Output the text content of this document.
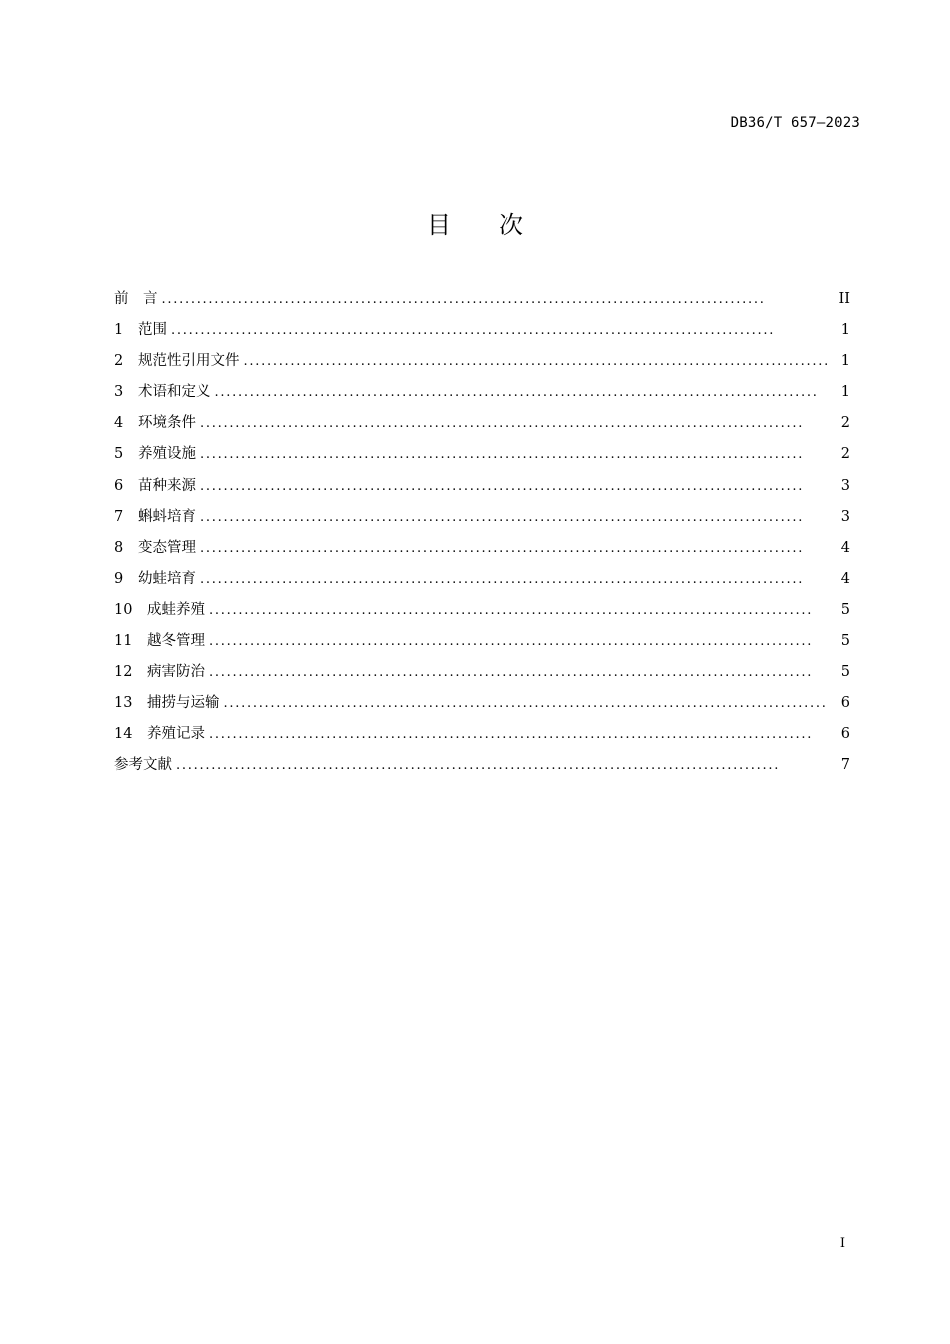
DB36/T 657—2023
目 次
前　言 . . .	II
1	范围 . . .	1
2	规范性引用文件 . . .	1
3	术语和定义 . . .	1
4	环境条件 . . .	2
5	养殖设施 . . .	2
6	苗种来源 . . .	3
7	蝌蚪培育 . . .	3
8	变态管理 . . .	4
9	幼蛙培育 . . .	4
10	成蛙养殖 . . .	5
11	越冬管理 . . .	5
12	病害防治 . . .	5
13	捕捞与运输 . . .	6
14	养殖记录 . . .	6
参考文献 . . .	7
I
